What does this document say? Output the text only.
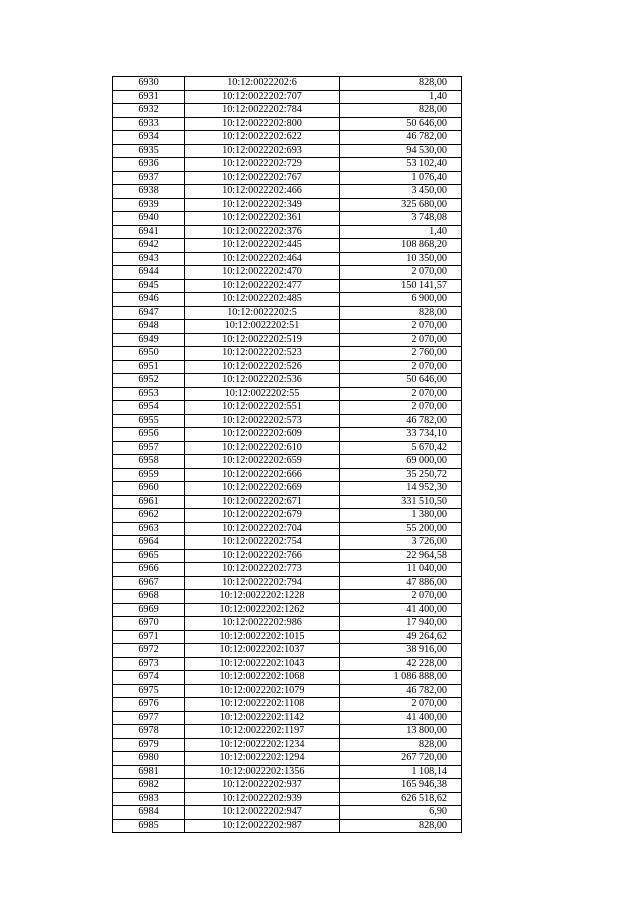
6930	10:12:0022202:6	828,00
6931	10:12:0022202:707	1,40
6932	10:12:0022202:784	828,00
6933	10:12:0022202:800	50 646,00
6934	10:12:0022202:622	46 782,00
6935	10:12:0022202:693	94 530,00
6936	10:12:0022202:729	53 102,40
6937	10:12:0022202:767	1 076,40
6938	10:12:0022202:466	3 450,00
6939	10:12:0022202:349	325 680,00
6940	10:12:0022202:361	3 748,08
6941	10:12:0022202:376	1,40
6942	10:12:0022202:445	108 868,20
6943	10:12:0022202:464	10 350,00
6944	10:12:0022202:470	2 070,00
6945	10:12:0022202:477	150 141,57
6946	10:12:0022202:485	6 900,00
6947	10:12:0022202:5	828,00
6948	10:12:0022202:51	2 070,00
6949	10:12:0022202:519	2 070,00
6950	10:12:0022202:523	2 760,00
6951	10:12:0022202:526	2 070,00
6952	10:12:0022202:536	50 646,00
6953	10:12:0022202:55	2 070,00
6954	10:12:0022202:551	2 070,00
6955	10:12:0022202:573	46 782,00
6956	10:12:0022202:609	33 734,10
6957	10:12:0022202:610	5 670,42
6958	10:12:0022202:659	69 000,00
6959	10:12:0022202:666	35 250,72
6960	10:12:0022202:669	14 952,30
6961	10:12:0022202:671	331 510,50
6962	10:12:0022202:679	1 380,00
6963	10:12:0022202:704	55 200,00
6964	10:12:0022202:754	3 726,00
6965	10:12:0022202:766	22 964,58
6966	10:12:0022202:773	11 040,00
6967	10:12:0022202:794	47 886,00
6968	10:12:0022202:1228	2 070,00
6969	10:12:0022202:1262	41 400,00
6970	10:12:0022202:986	17 940,00
6971	10:12:0022202:1015	49 264,62
6972	10:12:0022202:1037	38 916,00
6973	10:12:0022202:1043	42 228,00
6974	10:12:0022202:1068	1 086 888,00
6975	10:12:0022202:1079	46 782,00
6976	10:12:0022202:1108	2 070,00
6977	10:12:0022202:1142	41 400,00
6978	10:12:0022202:1197	13 800,00
6979	10:12:0022202:1234	828,00
6980	10:12:0022202:1294	267 720,00
6981	10:12:0022202:1356	1 108,14
6982	10:12:0022202:937	165 946,38
6983	10:12:0022202:939	626 518,62
6984	10:12:0022202:947	6,90
6985	10:12:0022202:987	828,00
